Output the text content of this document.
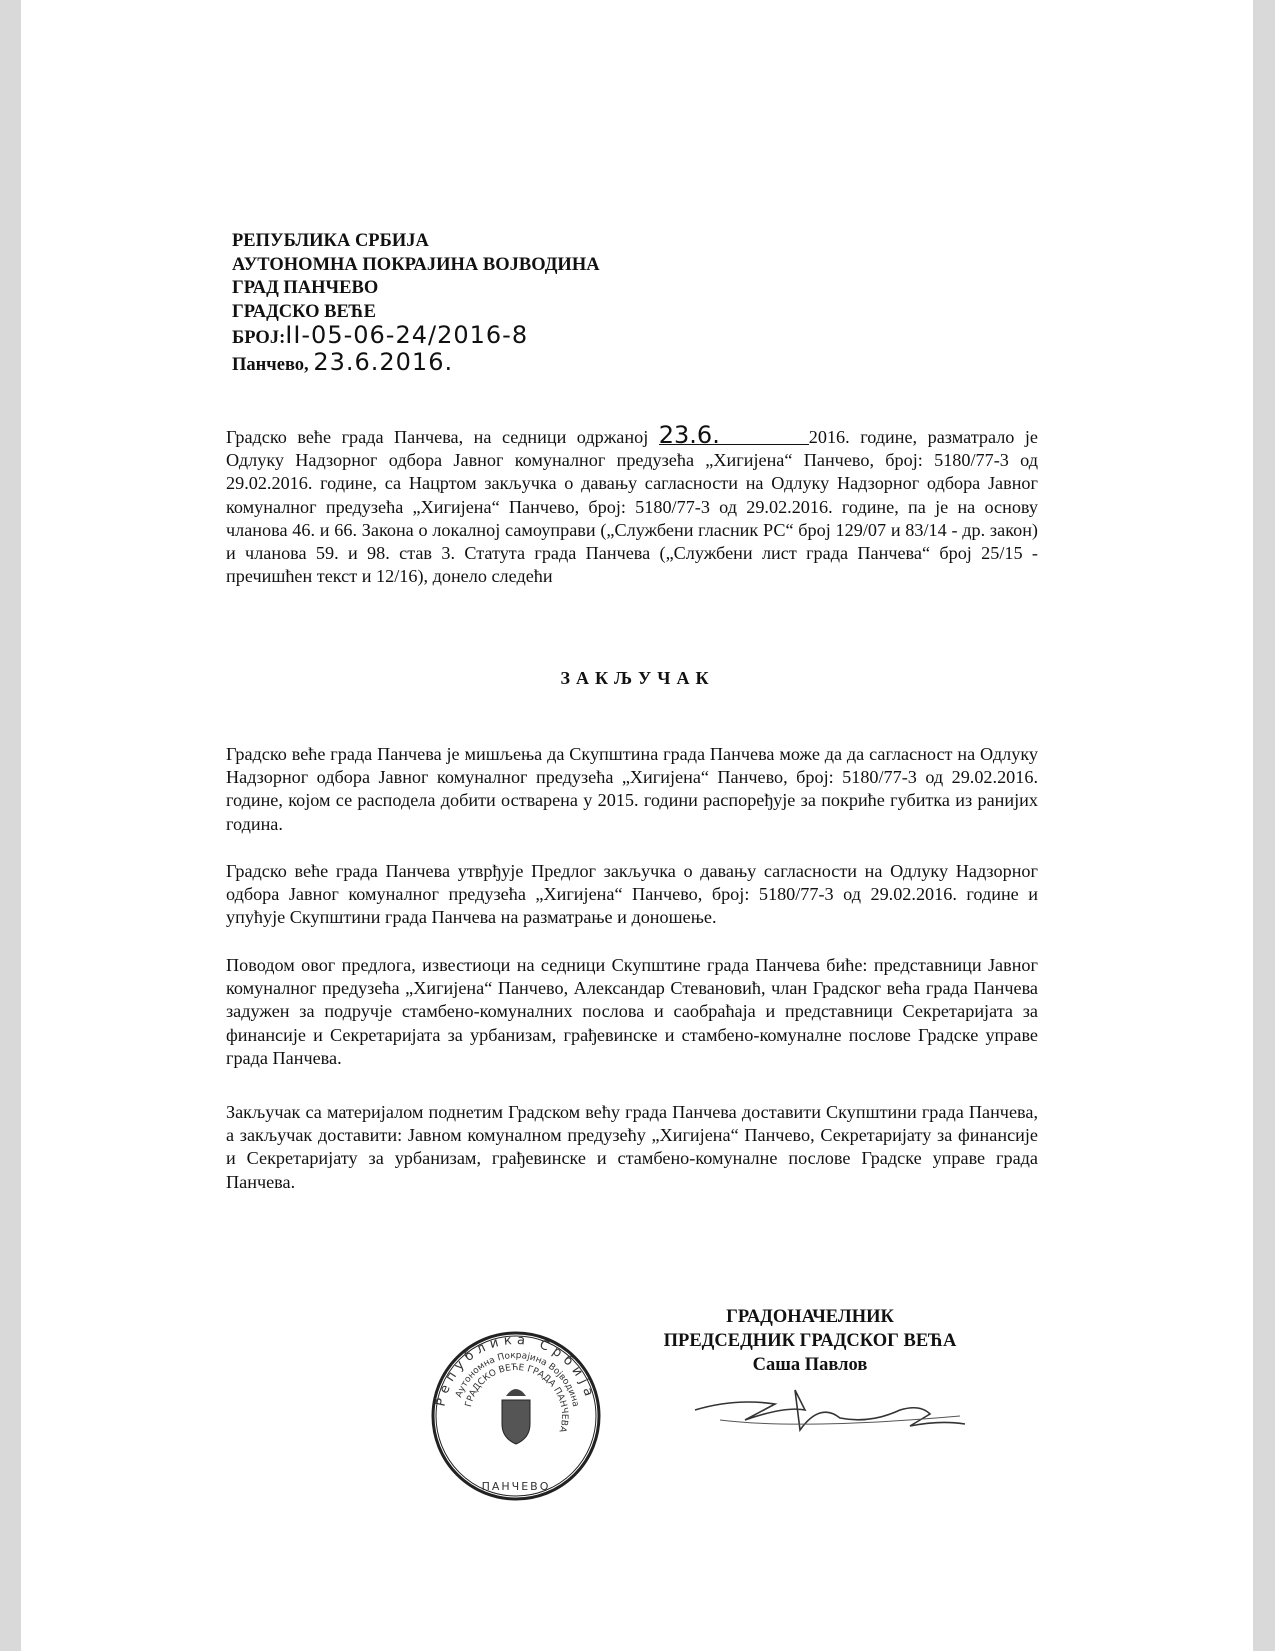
РЕПУБЛИКА СРБИЈА
АУТОНОМНА ПОКРАЈИНА ВОЈВОДИНА
ГРАД ПАНЧЕВО
ГРАДСКО ВЕЋЕ
БРОЈ:II-05-06-24/2016-8
Панчево, 23.6.2016.
Градско веће града Панчева, на седници одржаној 23.6.	2016. године, разматрало је Одлуку Надзорног одбора Јавног комуналног предузећа „Хигијена“ Панчево, број: 5180/77-3 од 29.02.2016. године, са Нацртом закључка о давању сагласности на Одлуку Надзорног одбора Јавног комуналног предузећа „Хигијена“ Панчево, број: 5180/77-3 од 29.02.2016. године, па је на основу чланова 46. и 66. Закона о локалној самоуправи („Службени гласник РС“ број 129/07 и 83/14 - др. закон) и чланова 59. и 98. став 3. Статута града Панчева („Службени лист града Панчева“ број 25/15 - пречишћен текст и 12/16), донело следећи
ЗАКЉУЧАК
Градско веће града Панчева је мишљења да Скупштина града Панчева може да да сагласност на Одлуку Надзорног одбора Јавног комуналног предузећа „Хигијена“ Панчево, број: 5180/77-3 од 29.02.2016. године, којом се расподела добити остварена у 2015. години распоређује за покриће губитка из ранијих година.
Градско веће града Панчева утврђује Предлог закључка о давању сагласности на Одлуку Надзорног одбора Јавног комуналног предузећа „Хигијена“ Панчево, број: 5180/77-3 од 29.02.2016. године и упућује Скупштини града Панчева на разматрање и доношење.
Поводом овог предлога, известиоци на седници Скупштине града Панчева биће: представници Јавног комуналног предузећа „Хигијена“ Панчево, Александар Стевановић, члан Градског већа града Панчева задужен за подручје стамбено-комуналних послова и саобраћаја и представници Секретаријата за финансије и Секретаријата за урбанизам, грађевинске и стамбено-комуналне послове Градске управе града Панчева.
Закључак са материјалом поднетим Градском већу града Панчева доставити Скупштини града Панчева, а закључак доставити: Јавном комуналном предузећу „Хигијена“ Панчево, Секретаријату за финансије и Секретаријату за урбанизам, грађевинске и стамбено-комуналне послове Градске управе града Панчева.
Република Србија
Аутономна Покрајина Војводина
ГРАДСКО ВЕЋЕ ГРАДА ПАНЧЕВА
ПАНЧЕВО
ГРАДОНАЧЕЛНИК
ПРЕДСЕДНИК ГРАДСКОГ ВЕЋА
Саша Павлов
